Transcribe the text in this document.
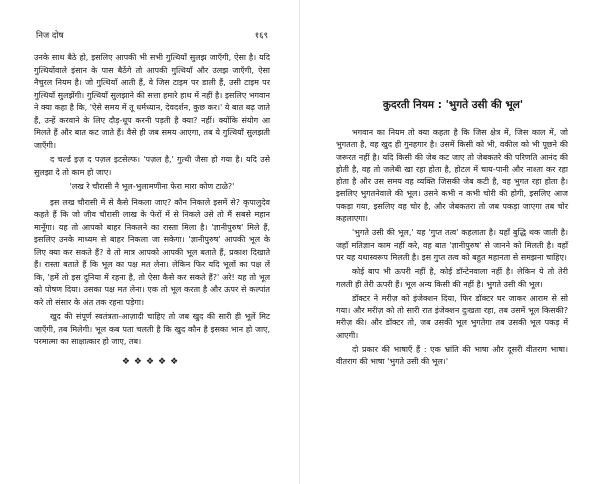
निज दोष	१६९

उनके साथ बैठे हो, इसलिए आपकी भी सभी गुत्थियाँ सुलझ जाएँगी, ऐसा है। यदि गुत्थियोंवाले इंसान के पास बैठेंगे तो आपकी गुत्थियाँ और उलझ जाएँगी, ऐसा नैचुरल नियम है। जो गुत्थियाँ आती हैं, वे जिस टाइम पर डाली हैं, उसी टाइम पर गुत्थियाँ सुलझेंगी। गुत्थियाँ सुलझाने की सत्ता हमारे हाथ में नहीं है। इसलिए भगवान ने क्या कहा है कि, 'ऐसे समय में तू धर्मध्यान, देवदर्शन, कुछ कर।' ये बात बढ़ जाते हैं, उन्हें करवाने के लिए दौड़-धूप करनी पड़ती है क्या? नहीं। क्योंकि संयोग आ मिलते हैं और बात कट जाते हैं। वैसे ही जब समय आएगा, तब ये गुत्थियाँ सुलझती जाएँगी।

द चर्ल्ड इज़ द पज़ल इटसेल्फ। 'पज़ल है,' गुत्थी जैसा हो गया है। यदि उसे सुलझा दे तो काम हो जाए।

'लख रे चौरासी नै भूल-भुलामणीना फेरा मारा कोण टाळे?'

इस लख चौरासी में से कैसे निकला जाए? कौन निकाले इसमें से? कृपालुदेव कहते हैं कि जो जीव चौरासी लाख के फेरों में से निकले उसे तो मैं सबसे महान मानूँगा। यह तो आपको बाहर निकलने का रास्ता मिला है। 'ज्ञानीपुरुष' मिले हैं, इसलिए उनके माध्यम से बाहर निकला जा सकेगा। 'ज्ञानीपुरुष' आपकी भूल के लिए क्या कर सकते हैं? वे तो मात्र आपको आपकी भूल बताते हैं, प्रकाश दिखाते हैं। रास्ता बताते हैं कि भूल का पक्ष मत लेना। लेकिन फिर यदि भूलों का पक्ष लें कि, 'हमें तो इस दुनिया में रहना है, तो ऐसा कैसे कर सकते हैं?' अरे! यह तो भूल को पोषण दिया। उसका पक्ष मत लेना। एक तो भूल करता है और ऊपर से कल्पांत करे तो संसार के अंत तक रहना पड़ेगा।

खुद की संपूर्ण स्वतंत्रता-आज़ादी चाहिए तो जब खुद की सारी ही भूलें मिट जाएँगी, तब मिलेगी। भूल कब पता चलती है कि खुद कौन है इसका भान हो जाए, परमात्मा का साक्षात्कार हो जाए, तब।

❖❖❖❖❖
कुदरती नियम : 'भुगते उसी की भूल'

भगवान का नियम तो क्या कहता है कि जिस क्षेत्र में, जिस काल में, जो भुगतता है, वह खुद ही गुनहगार है। उसमें किसी को भी, वकील को भी पूछने की जरूरत नहीं है। यदि किसी की जेब कट जाए तो जेबकतरे की परिणति आनंद की होती है, वह तो जलेबी खा रहा होता है, होटल में चाय-पानी और नाश्ता कर रहा होता है और उस समय वह व्यक्ति जिसकी जेब कटी है, वह भुगत रहा होता है। इसलिए भुगतनेवाले की भूल। उसने कभी न कभी चोरी की होगी, इसलिए आज पकड़ा गया, इसलिए वह चोर है, और जेबकतरा तो जब पकड़ा जाएगा तब चोर कहलाएगा।

'भुगते उसी की भूल,' यह 'गुप्त तत्व' कहलाता है। यहाँ बुद्धि थक जाती है। जहाँ मतिज्ञान काम नहीं करे, वह बात 'ज्ञानीपुरुष' से जानने को मिलती है। वहाँ पर यह यथास्वरूप मिलती है। इस गुप्त तत्व को बहुत महानता से समझना चाहिए।

कोई बाप भी ऊपरी नहीं है, कोई डॉन्टेनवाला नहीं है। लेकिन ये तो तेरी गलती ही तेरी ऊपरी हैं। भूल अन्य किसी की नहीं है। भुगते उसी की भूल।

डॉक्टर ने मरीज़ को इंजेक्शन दिया, फिर डॉक्टर घर जाकर आराम से सो गया। और मरीज़ को तो सारी रात इंजेक्शन दुःखता रहा, तब उसमें भूल किसकी? मरीज़ की। और डॉक्टर तो, जब उसकी भूल भुगतेगा तब उसकी भूल पकड़ में आएगी।

दो प्रकार की भाषाएँ हैं : एक भ्रांति की भाषा और दूसरी वीतराग भाषा। वीतराग की भाषा 'भुगते उसी की भूल।'
